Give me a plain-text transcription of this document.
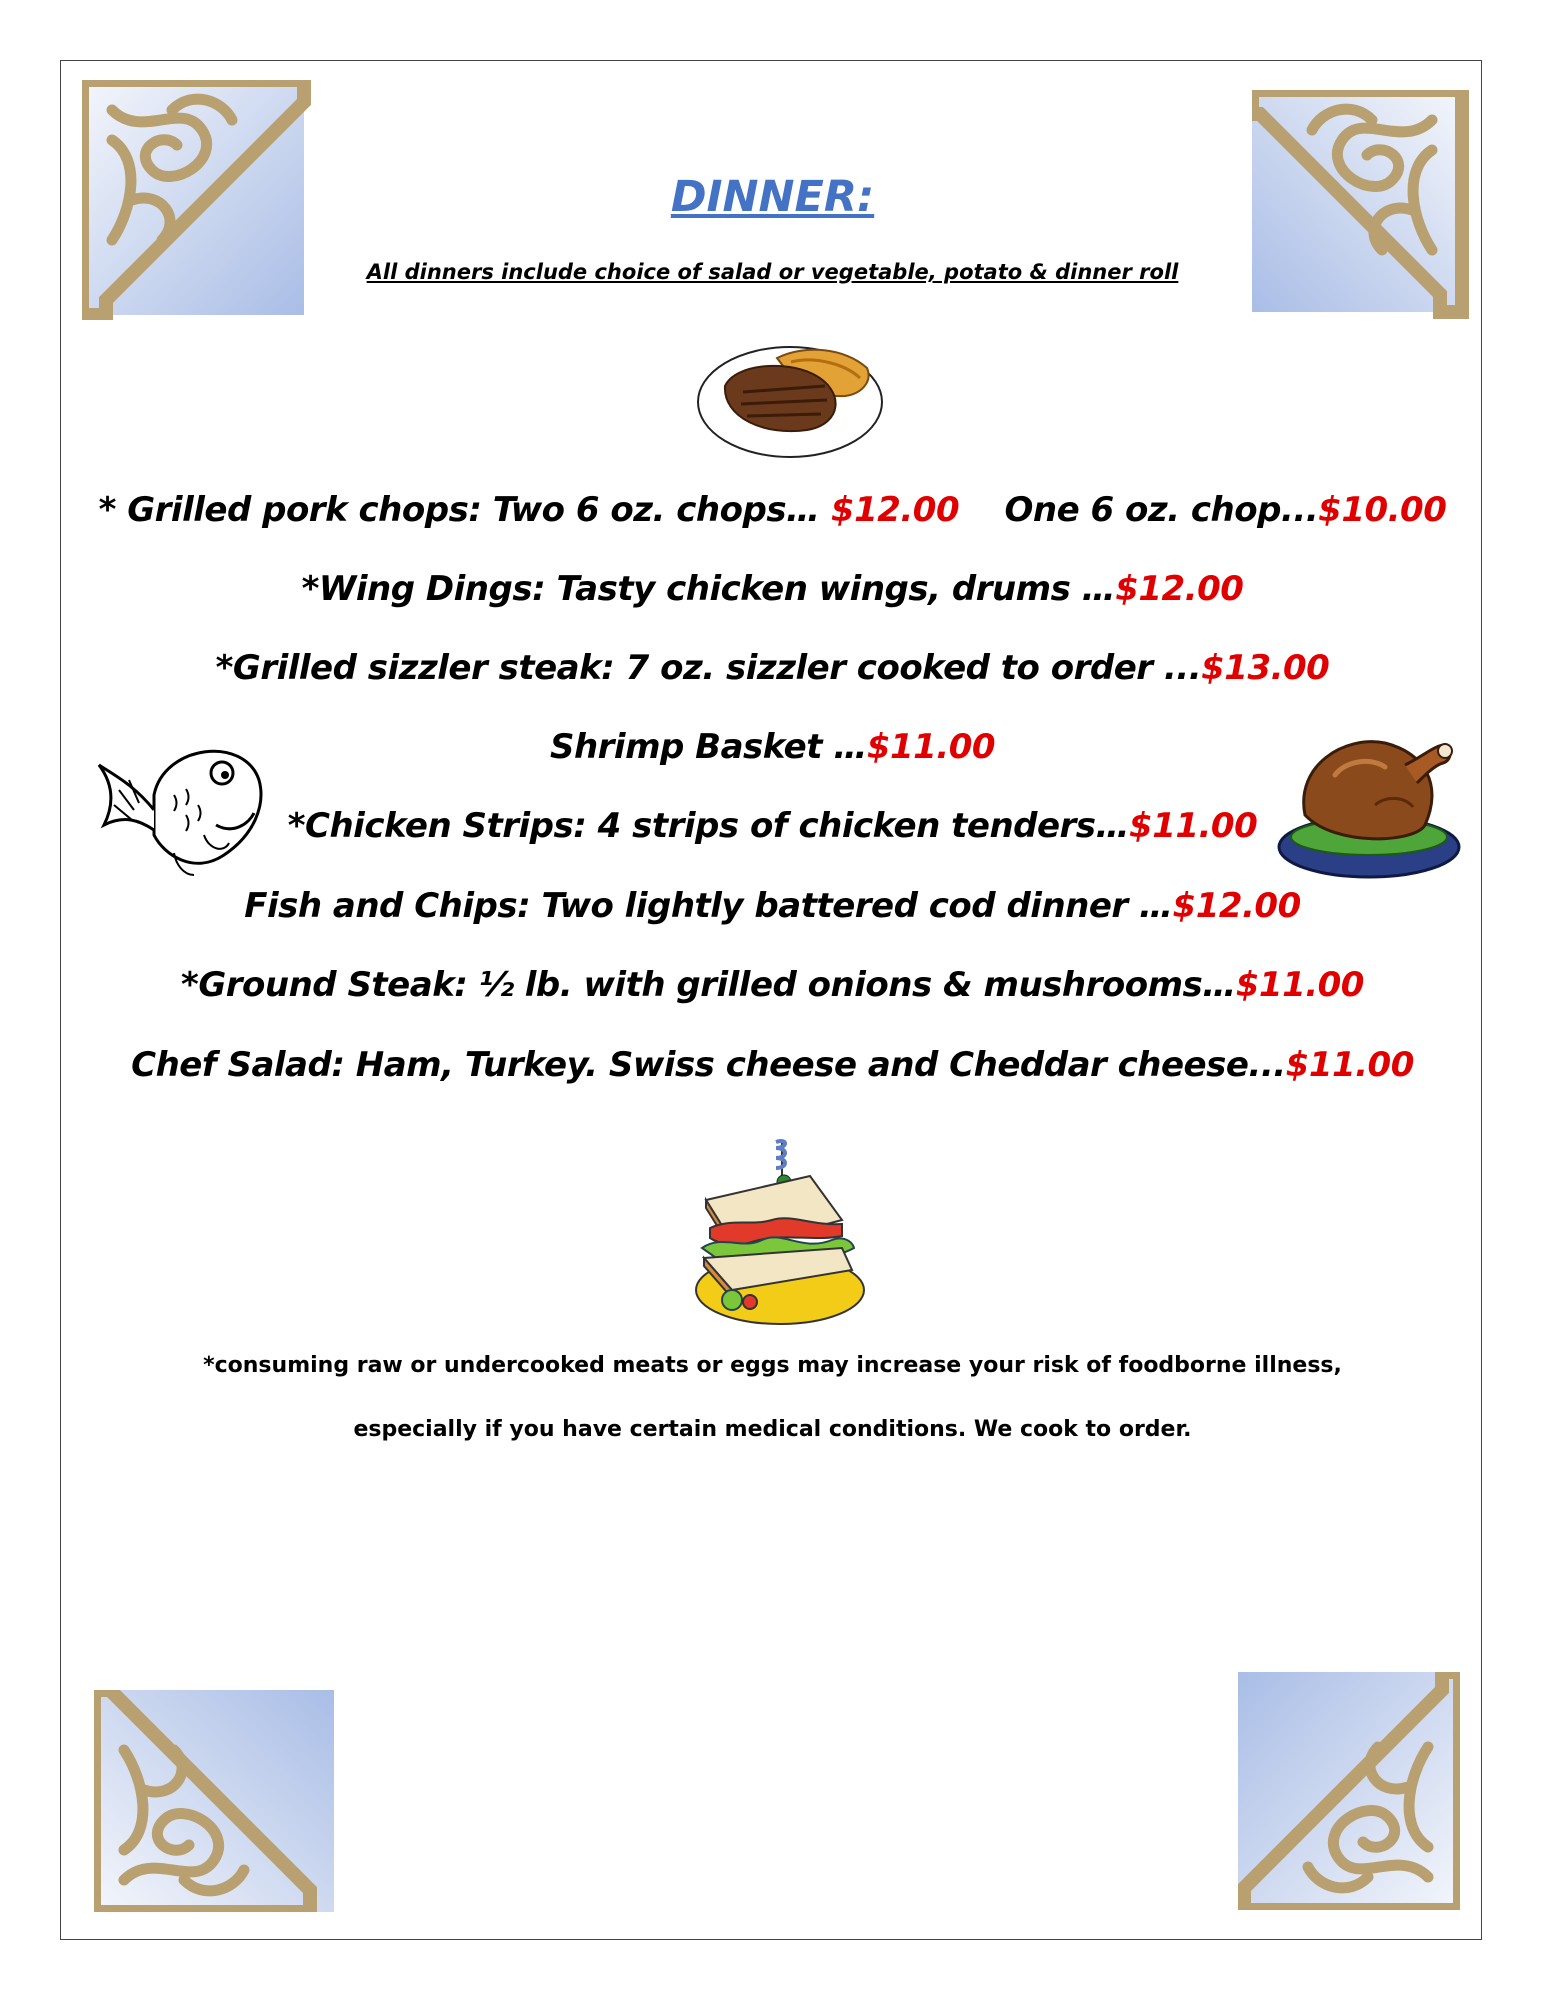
DINNER:
All dinners include choice of salad or vegetable, potato & dinner roll
* Grilled pork chops: Two 6 oz. chops… $12.00    One 6 oz. chop...$10.00
*Wing Dings: Tasty chicken wings, drums …$12.00
*Grilled sizzler steak: 7 oz. sizzler cooked to order ...$13.00
Shrimp Basket …$11.00
*Chicken Strips: 4 strips of chicken tenders…$11.00
Fish and Chips: Two lightly battered cod dinner …$12.00
*Ground Steak: ½ lb. with grilled onions & mushrooms…$11.00
Chef Salad: Ham, Turkey. Swiss cheese and Cheddar cheese...$11.00
*consuming raw or undercooked meats or eggs may increase your risk of foodborne illness,
especially if you have certain medical conditions. We cook to order.
